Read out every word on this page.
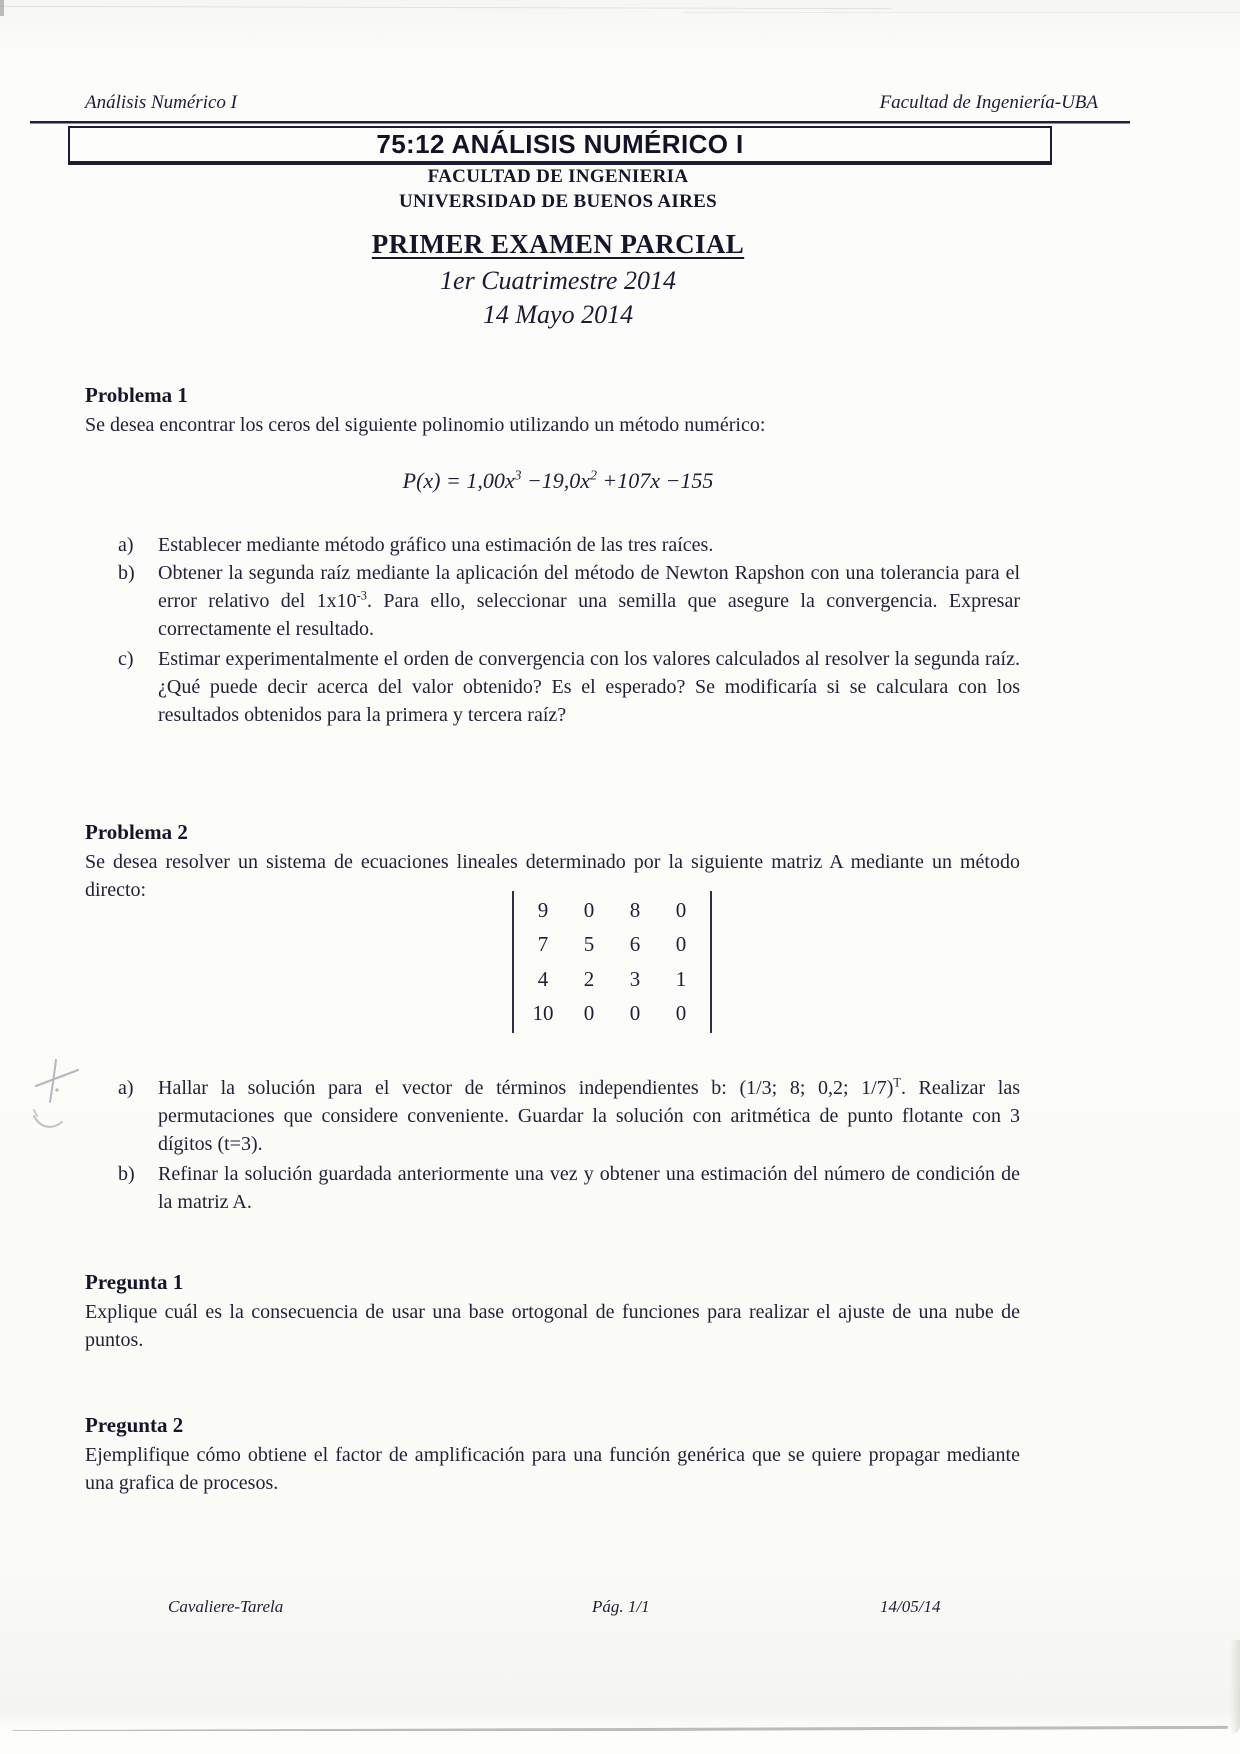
Análisis Numérico I	Facultad de Ingeniería-UBA
75:12 ANÁLISIS NUMÉRICO I
FACULTAD DE INGENIERIA
UNIVERSIDAD DE BUENOS AIRES
PRIMER EXAMEN PARCIAL
1er Cuatrimestre 2014
14 Mayo 2014
$P(x) = 1,00x^3 -19,0x^2 +107x -155$
Problema 1
Se desea encontrar los ceros del siguiente polinomio utilizando un método numérico:
a)	Establecer mediante método gráfico una estimación de las tres raíces.
b)	Obtener la segunda raíz mediante la aplicación del método de Newton Rapshon con una tolerancia para el error relativo del $1x10^{-3}$. Para ello, seleccionar una semilla que asegure la convergencia. Expresar correctamente el resultado.
c)	Estimar experimentalmente el orden de convergencia con los valores calculados al resolver la segunda raíz. ¿Qué puede decir acerca del valor obtenido? Es el esperado? Se modificaría si se calculara con los resultados obtenidos para la primera y tercera raíz?
Problema 2
Se desea resolver un sistema de ecuaciones lineales determinado por la siguiente matriz A mediante un método directo:
9	0	8	0
7	5	6	0
4	2	3	1
10	0	0	0
a)	Hallar la solución para el vector de términos independientes b: (1/3; 8; 0,2; 1/7)$^T$. Realizar las permutaciones que considere conveniente. Guardar la solución con aritmética de punto flotante con 3 dígitos (t=3).
b)	Refinar la solución guardada anteriormente una vez y obtener una estimación del número de condición de la matriz A.
Pregunta 1
Explique cuál es la consecuencia de usar una base ortogonal de funciones para realizar el ajuste de una nube de puntos.
Pregunta 2
Ejemplifique cómo obtiene el factor de amplificación para una función genérica que se quiere propagar mediante una grafica de procesos.
Cavaliere-Tarela	Pág. 1/1	14/05/14
